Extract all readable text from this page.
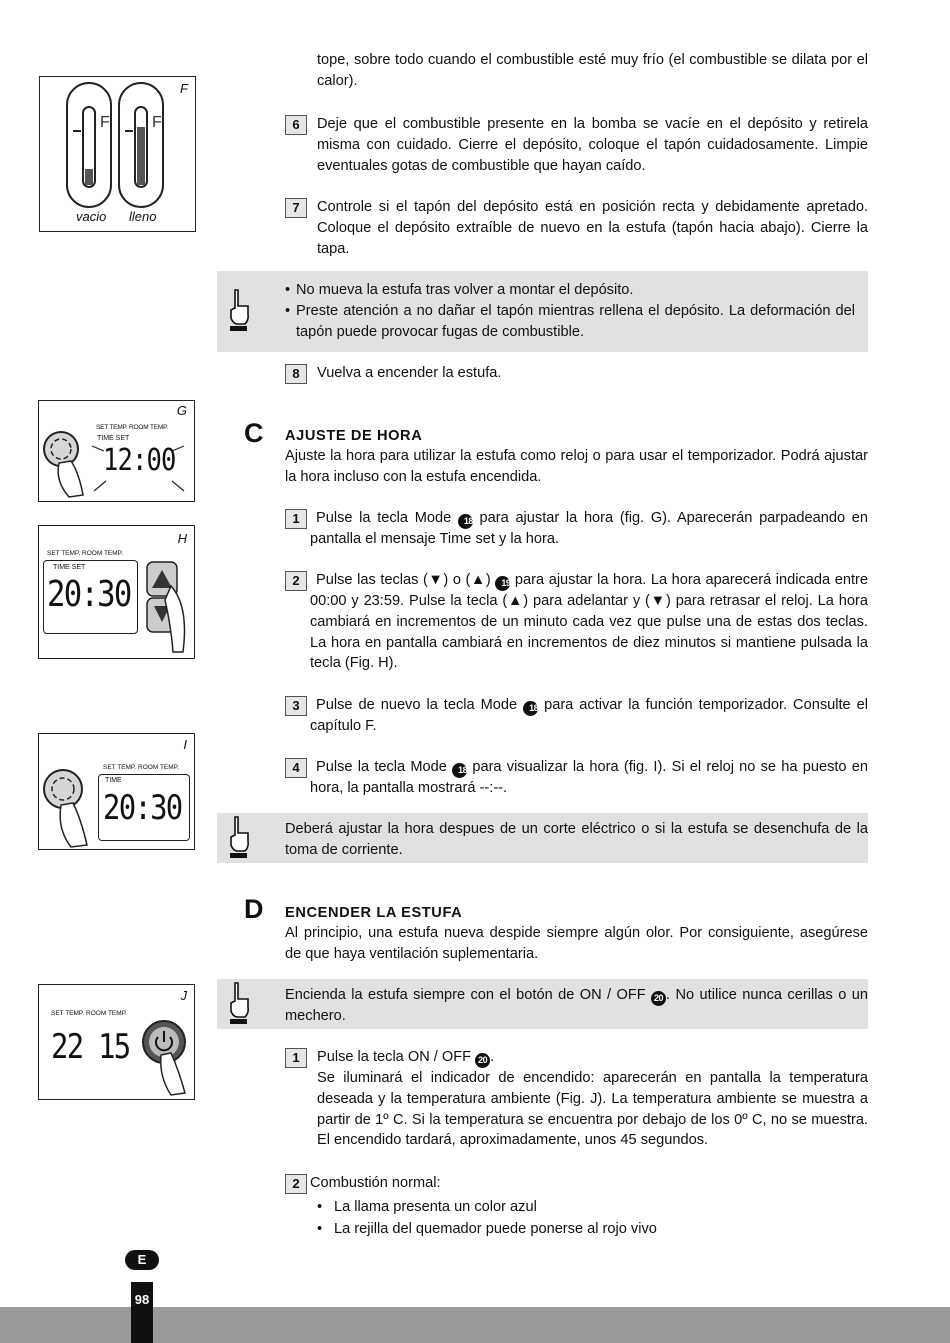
F
F	F
vacio lleno
G
SET TEMP. ROOM TEMP.
TIME SET
12:00
H
SET TEMP. ROOM TEMP.
TIME SET
20:30
I
SET TEMP. ROOM TEMP.
TIME
20:30
J
SET TEMP. ROOM TEMP.
22 15
tope, sobre todo cuando el combustible esté muy frío (el combustible se dilata por el calor).
6	Deje que el combustible presente en la bomba se vacíe en el depósito y retirela misma con cuidado. Cierre el depósito, coloque el tapón cuidadosamente. Limpie eventuales gotas de combustible que hayan caído.
7	Controle si el tapón del depósito está en posición recta y debidamente apretado. Coloque el depósito extraíble de nuevo en la estufa (tapón hacia abajo). Cierre la tapa.
• No mueva la estufa tras volver a montar el depósito.
• Preste atención a no dañar el tapón mientras rellena el depósito. La deformación del tapón puede provocar fugas de combustible.
8	Vuelva a encender la estufa.
C AJUSTE DE HORA
Ajuste la hora para utilizar la estufa como reloj o para usar el temporizador. Podrá ajustar la hora incluso con la estufa encendida.
1	Pulse la tecla Mode 18 para ajustar la hora (fig. G). Aparecerán parpadeando en pantalla el mensaje Time set y la hora.
2	Pulse las teclas (▼) o (▲) 19 para ajustar la hora. La hora aparecerá indicada entre 00:00 y 23:59. Pulse la tecla (▲) para adelantar y (▼) para retrasar el reloj. La hora cambiará en incrementos de un minuto cada vez que pulse una de estas dos teclas. La hora en pantalla cambiará en incrementos de diez minutos si mantiene pulsada la tecla (Fig. H).
3	Pulse de nuevo la tecla Mode 18 para activar la función temporizador. Consulte el capítulo F.
4	Pulse la tecla Mode 18 para visualizar la hora (fig. I). Si el reloj no se ha puesto en hora, la pantalla mostrará --:--.
Deberá ajustar la hora despues de un corte eléctrico o si la estufa se desenchufa de la toma de corriente.
D ENCENDER LA ESTUFA
Al principio, una estufa nueva despide siempre algún olor. Por consiguiente, asegúrese de que haya ventilación suplementaria.
Encienda la estufa siempre con el botón de ON / OFF 20 . No utilice nunca cerillas o un mechero.
1	Pulse la tecla ON / OFF 20 .
Se iluminará el indicador de encendido: aparecerán en pantalla la temperatura deseada y la temperatura ambiente (Fig. J). La temperatura ambiente se muestra a partir de 1º C. Si la temperatura se encuentra por debajo de los 0º C, no se muestra. El encendido tardará, aproximadamente, unos 45 segundos.
2 Combustión normal:
• La llama presenta un color azul
• La rejilla del quemador puede ponerse al rojo vivo
E
98
